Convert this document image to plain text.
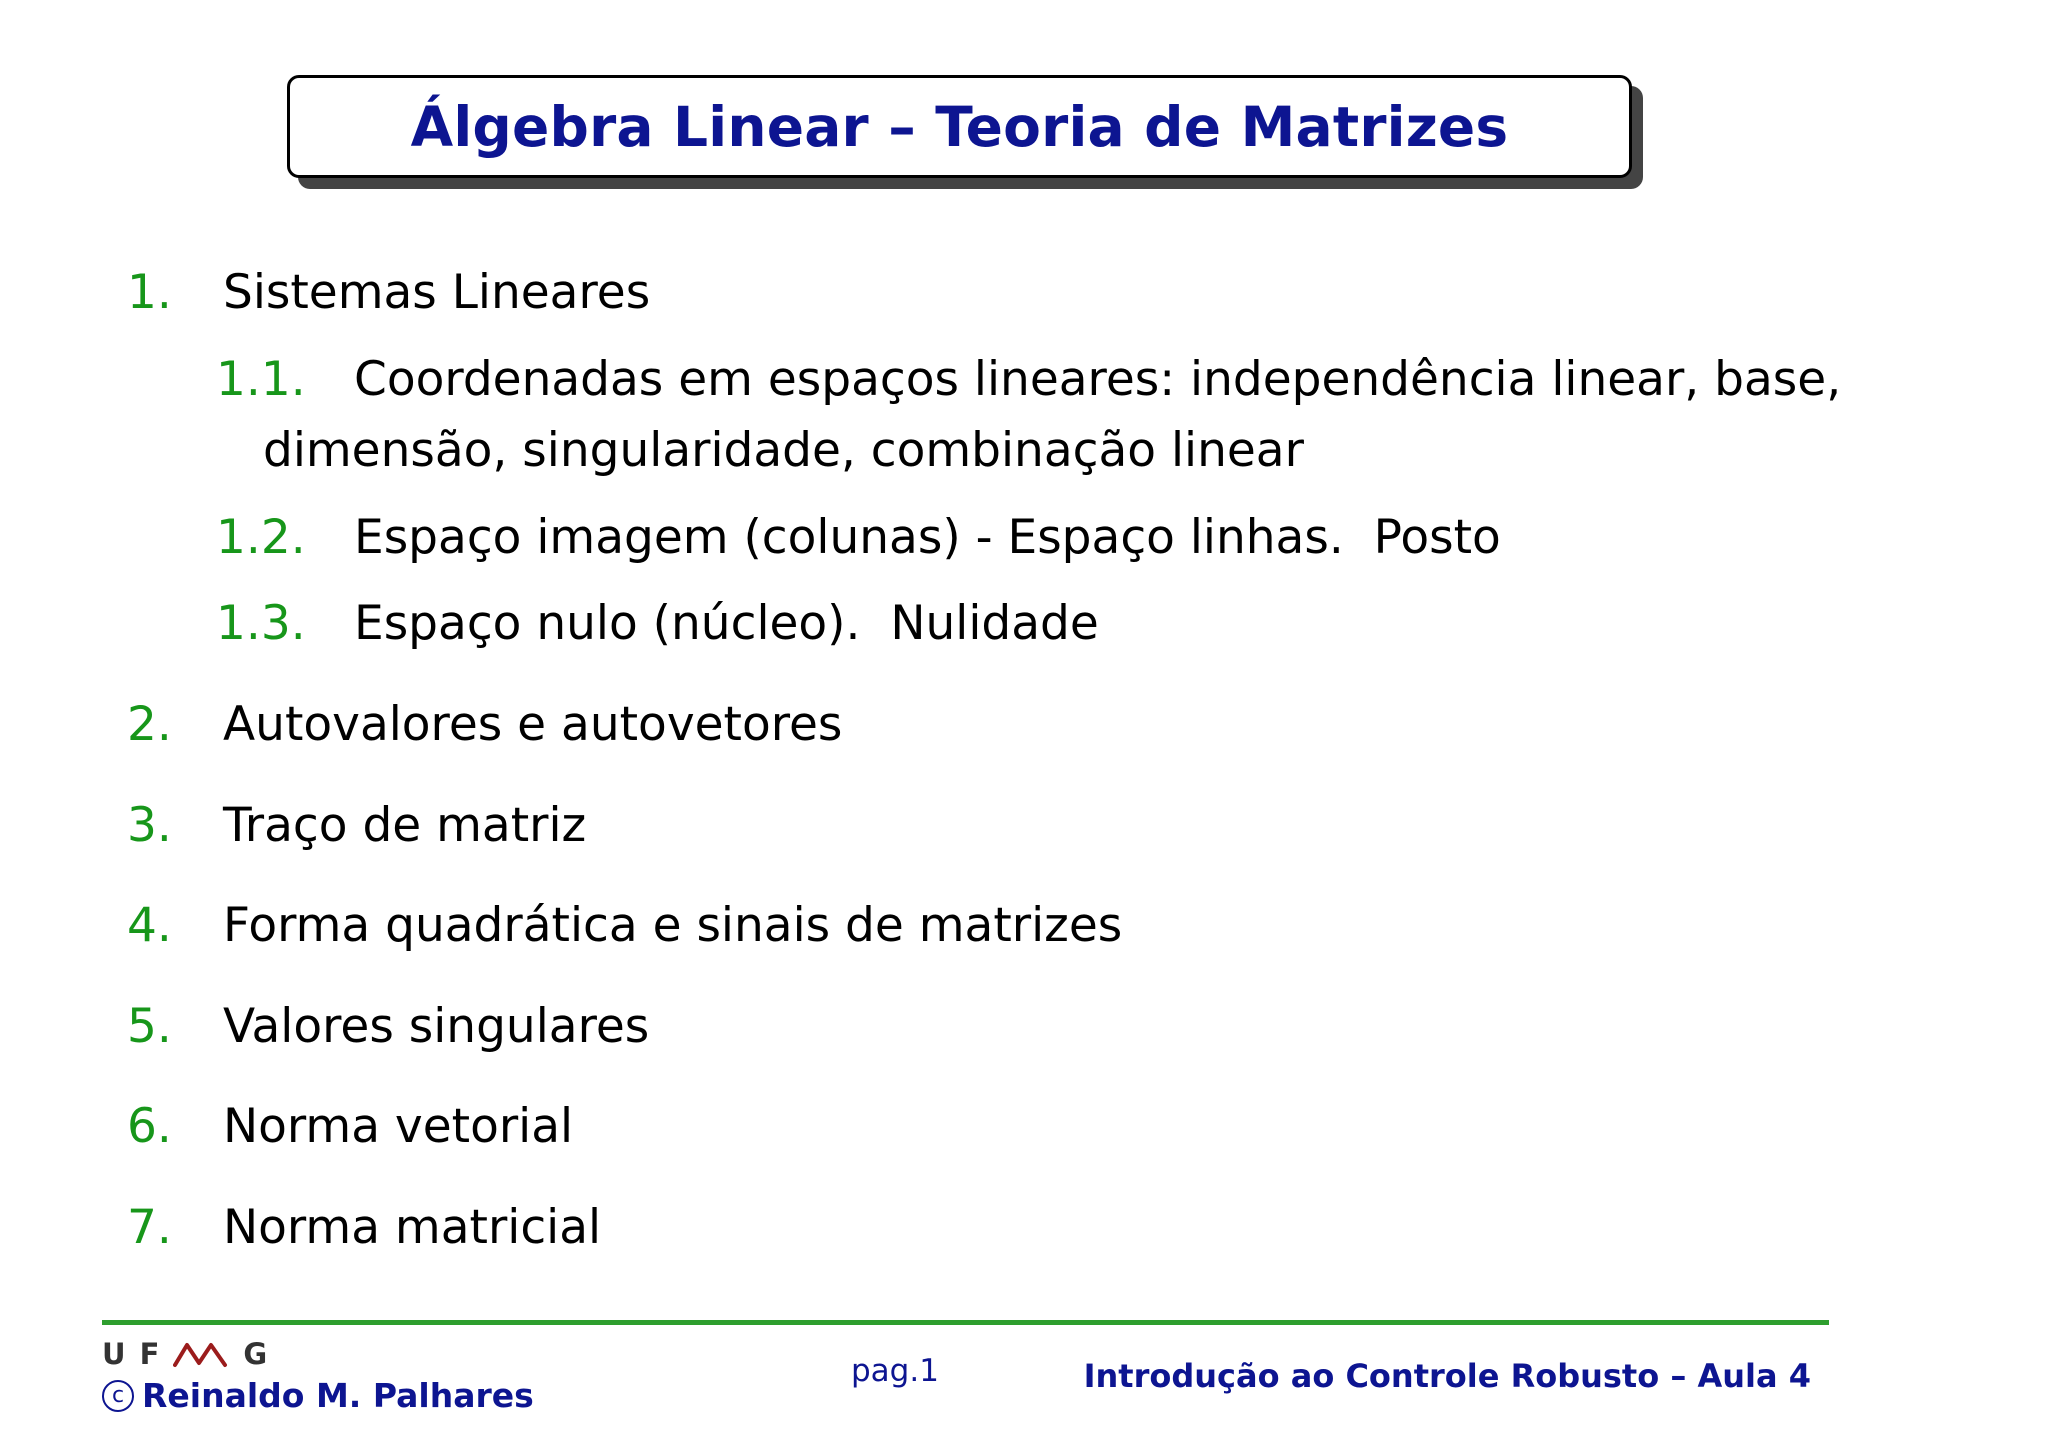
Álgebra Linear – Teoria de Matrizes
1. Sistemas Lineares
1.1. Coordenadas em espaços lineares: independência linear, base,
dimensão, singularidade, combinação linear
1.2. Espaço imagem (colunas) - Espaço linhas.  Posto
1.3. Espaço nulo (núcleo).  Nulidade
2. Autovalores e autovetores
3. Traço de matriz
4. Forma quadrática e sinais de matrizes
5. Valores singulares
6. Norma vetorial
7. Norma matricial
U F	G
c Reinaldo M. Palhares
pag.1	Introdução ao Controle Robusto – Aula 4
